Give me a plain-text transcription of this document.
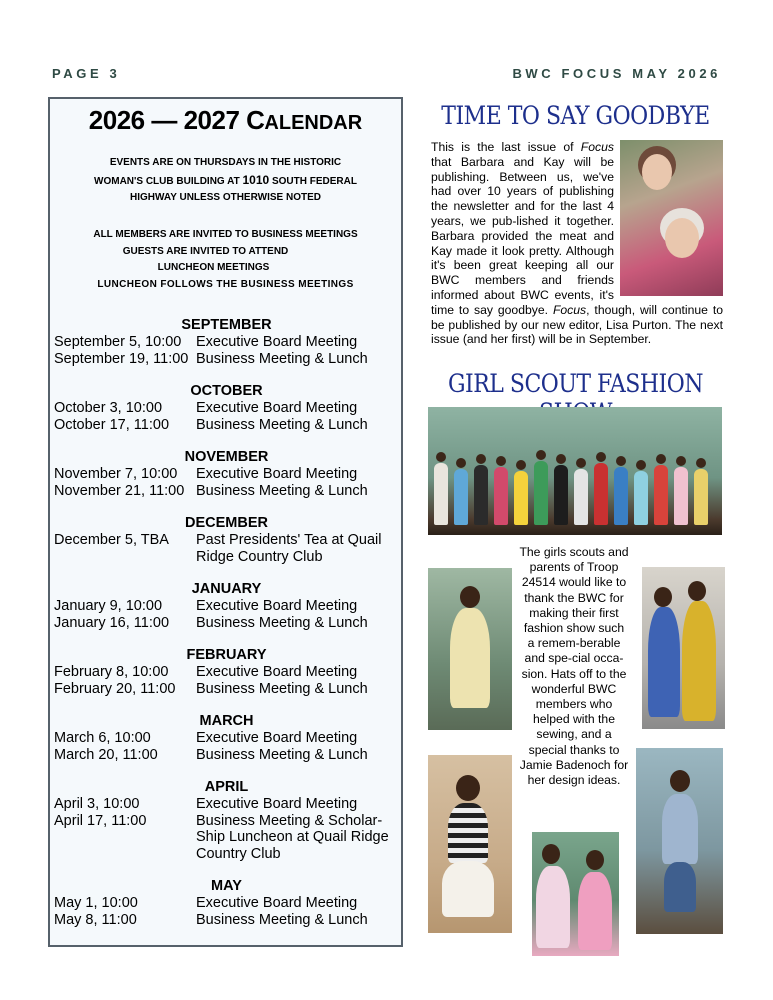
PAGE 3	BWC FOCUS MAY 2026
2026 — 2027 CALENDAR
EVENTS ARE ON THURSDAYS IN THE HISTORIC
WOMAN'S CLUB BUILDING AT 1010 SOUTH FEDERAL
HIGHWAY UNLESS OTHERWISE NOTED
ALL MEMBERS ARE INVITED TO BUSINESS MEETINGS
GUESTS ARE INVITED TO ATTEND
LUNCHEON MEETINGS
LUNCHEON FOLLOWS THE BUSINESS MEETINGS
SEPTEMBER
September 5, 10:00	Executive Board Meeting
September 19, 11:00 Business Meeting & Lunch
OCTOBER
October 3, 10:00	Executive Board Meeting
October 17, 11:00	Business Meeting & Lunch
NOVEMBER
November 7, 10:00	Executive Board Meeting
November 21, 11:00 Business Meeting & Lunch
DECEMBER
December 5, TBA	Past Presidents' Tea at Quail Ridge Country Club
JANUARY
January 9, 10:00	Executive Board Meeting
January 16, 11:00	Business Meeting & Lunch
FEBRUARY
February 8, 10:00	Executive Board Meeting
February 20, 11:00	Business Meeting & Lunch
MARCH
March 6, 10:00	Executive Board Meeting
March 20, 11:00	Business Meeting & Lunch
APRIL
April 3, 10:00	Executive Board Meeting
April 17, 11:00	Business Meeting & Scholar-Ship Luncheon at Quail Ridge Country Club
MAY
May 1, 10:00	Executive Board Meeting
May 8, 11:00	Business Meeting & Lunch
TIME TO SAY GOODBYE
This is the last issue of Focus that Barbara and Kay will be publishing. Between us, we've had over 10 years of publishing the newsletter and for the last 4 years, we pub-lished it together. Barbara provided the meat and Kay made it look pretty. Although it's been great keeping all our BWC members and friends informed about BWC events, it's time to say goodbye. Focus, though, will continue to be published by our new editor, Lisa Purton. The next issue (and her first) will be in September.
GIRL SCOUT FASHION
The girls scouts and parents of Troop 24514 would like to thank the BWC for making their first fashion show such a remem-berable and spe-cial occa-sion. Hats off to the wonderful BWC members who helped with the sewing, and a special thanks to Jamie Badenoch for her design ideas.
